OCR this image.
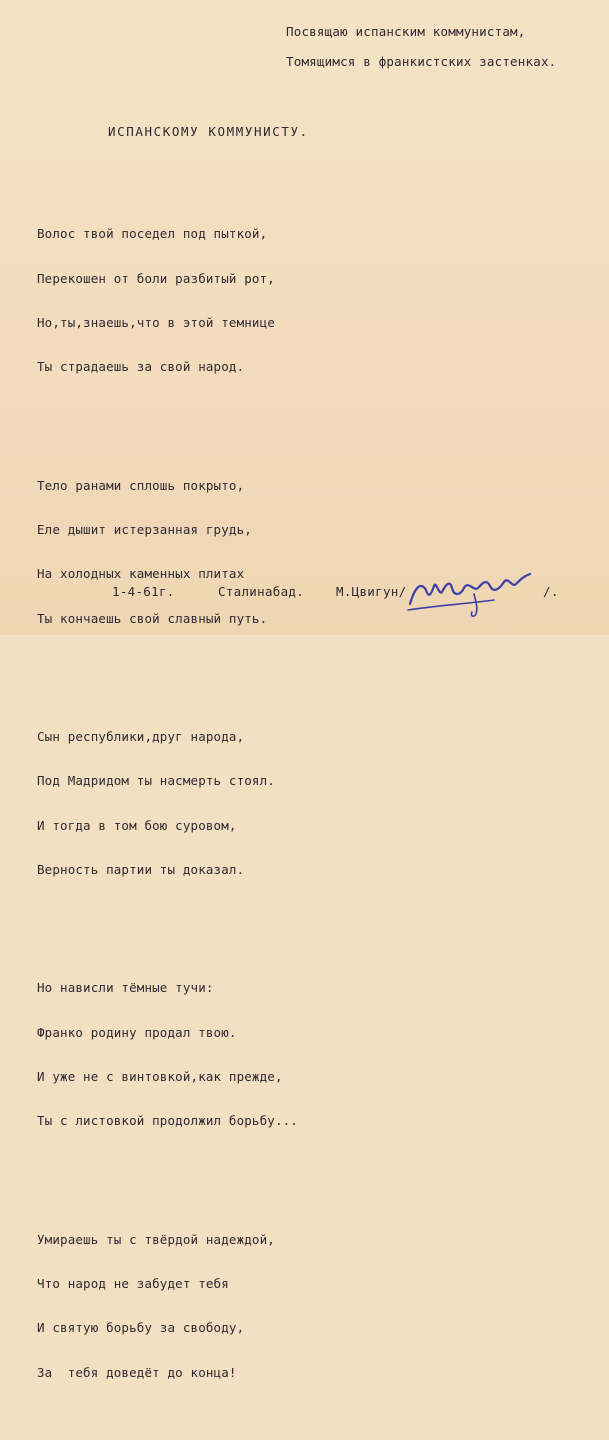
Посвящаю испанским коммунистам,
Томящимся в франкистских застенках.
ИСПАНСКОМУ КОММУНИСТУ.

Волос твой поседел под пыткой,

Перекошен от боли разбитый рот,

Но,ты,знаешь,что в этой темнице

Ты страдаешь за свой народ.

Тело ранами сплошь покрыто,

Еле дышит истерзанная грудь,

На холодных каменных плитах

Ты кончаешь свой славный путь.

Сын республики,друг народа,

Под Мадридом ты насмерть стоял.

И тогда в том бою суровом,

Верность партии ты доказал.

Но нависли тёмные тучи:

Франко родину продал твою.

И уже не с винтовкой,как прежде,

Ты с листовкой продолжил борьбу...

Умираешь ты с твёрдой надеждой,

Что народ не забудет тебя

И святую борьбу за свободу,

За  тебя доведёт до конца!

1-4-61г.	Сталинабад.	М.Цвигун/	/.
